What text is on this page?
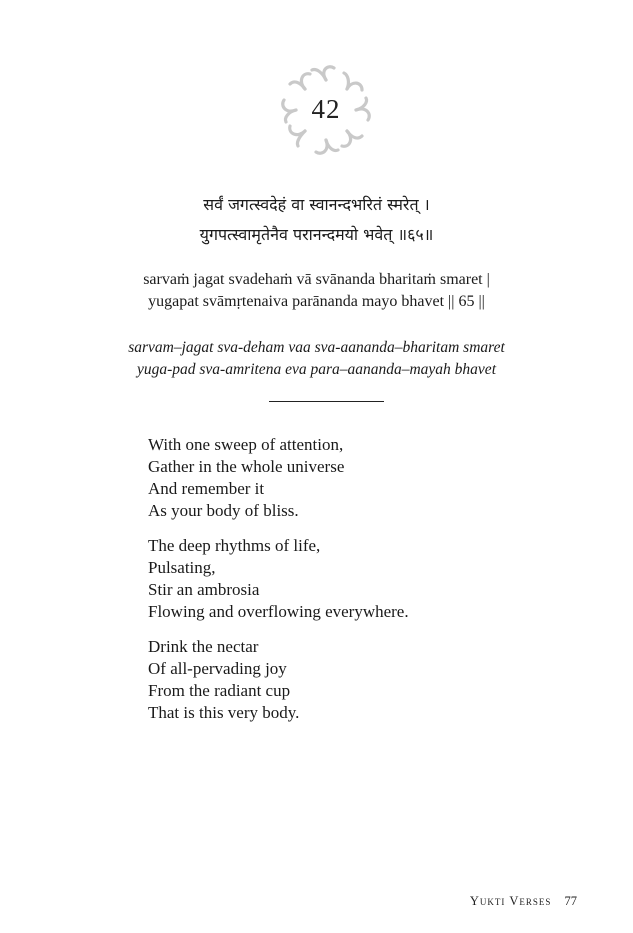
42
सर्वं जगत्स्वदेहं वा स्वानन्दभरितं स्मरेत् ।
युगपत्स्वामृतेनैव परानन्दमयो भवेत् ॥६५॥
sarvaṁ jagat svadehaṁ vā svānanda bharitaṁ smaret |
yugapat svāmṛtenaiva parānanda mayo bhavet || 65 ||
sarvam–jagat sva-deham vaa sva-aananda–bharitam smaret
yuga-pad sva-amritena eva para–aananda–mayah bhavet
With one sweep of attention,
Gather in the whole universe
And remember it
As your body of bliss.
The deep rhythms of life,
Pulsating,
Stir an ambrosia
Flowing and overflowing everywhere.
Drink the nectar
Of all-pervading joy
From the radiant cup
That is this very body.
Yukti Verses 77
